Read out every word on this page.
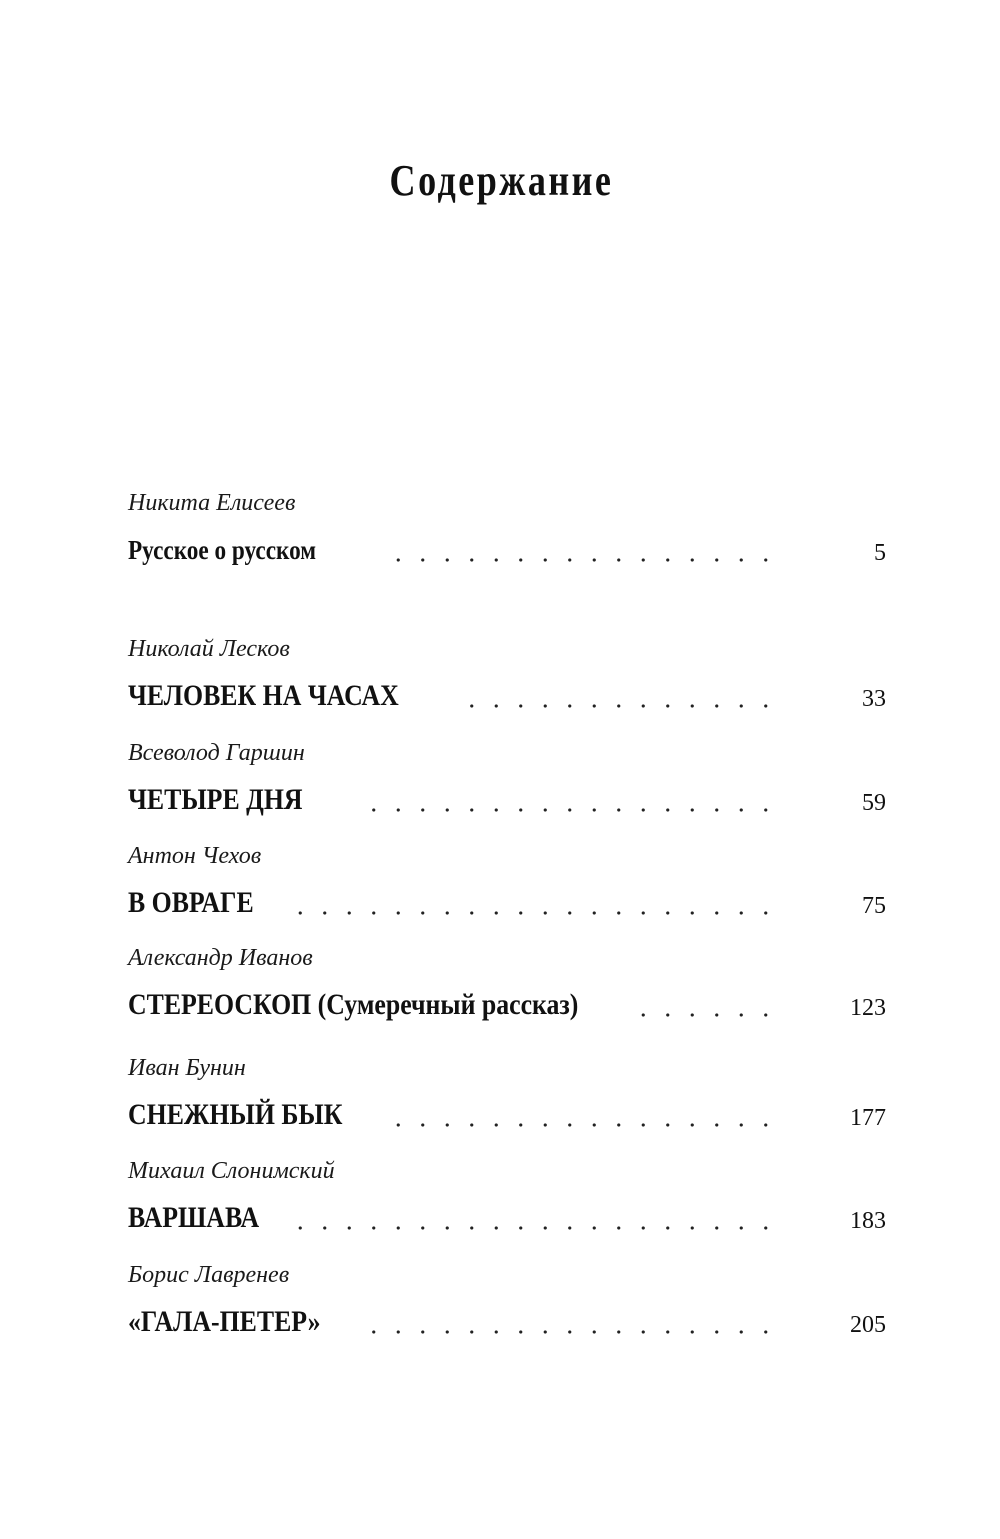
Содержание
Никита Елисеев
Русское о русском	5
Николай Лесков
ЧЕЛОВЕК НА ЧАСАХ	33
Всеволод Гаршин
ЧЕТЫРЕ ДНЯ	59
Антон Чехов
В ОВРАГЕ	75
Александр Иванов
СТЕРЕОСКОП (Сумеречный рассказ)	123
Иван Бунин
СНЕЖНЫЙ БЫК	177
Михаил Слонимский
ВАРШАВА	183
Борис Лавренев
«ГАЛА-ПЕТЕР»	205
